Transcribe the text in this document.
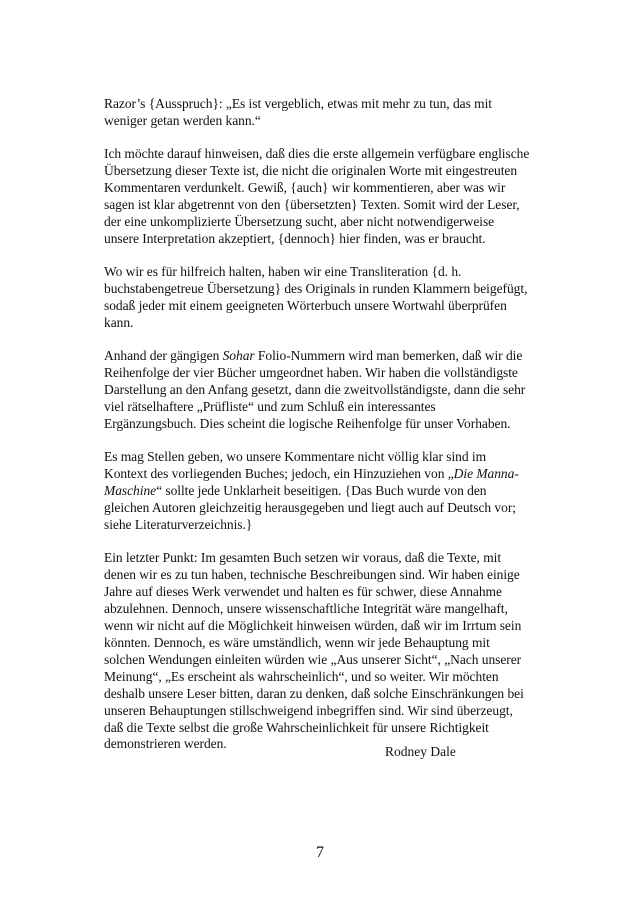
Razor’s {Ausspruch}: „Es ist vergeblich, etwas mit mehr zu tun, das mit
weniger getan werden kann.“

Ich möchte darauf hinweisen, daß dies die erste allgemein verfügbare englische
Übersetzung dieser Texte ist, die nicht die originalen Worte mit eingestreuten
Kommentaren verdunkelt. Gewiß, {auch} wir kommentieren, aber was wir
sagen ist klar abgetrennt von den {übersetzten} Texten. Somit wird der Leser,
der eine unkomplizierte Übersetzung sucht, aber nicht notwendigerweise
unsere Interpretation akzeptiert, {dennoch} hier finden, was er braucht.

Wo wir es für hilfreich halten, haben wir eine Transliteration {d. h.
buchstabengetreue Übersetzung} des Originals in runden Klammern beigefügt,
sodaß jeder mit einem geeigneten Wörterbuch unsere Wortwahl überprüfen
kann.

Anhand der gängigen Sohar Folio-Nummern wird man bemerken, daß wir die
Reihenfolge der vier Bücher umgeordnet haben. Wir haben die vollständigste
Darstellung an den Anfang gesetzt, dann die zweitvollständigste, dann die sehr
viel rätselhaftere „Prüfliste“ und zum Schluß ein interessantes
Ergänzungsbuch. Dies scheint die logische Reihenfolge für unser Vorhaben.

Es mag Stellen geben, wo unsere Kommentare nicht völlig klar sind im
Kontext des vorliegenden Buches; jedoch, ein Hinzuziehen von „Die Manna-
Maschine“ sollte jede Unklarheit beseitigen. {Das Buch wurde von den
gleichen Autoren gleichzeitig herausgegeben und liegt auch auf Deutsch vor;
siehe Literaturverzeichnis.}

Ein letzter Punkt: Im gesamten Buch setzen wir voraus, daß die Texte, mit
denen wir es zu tun haben, technische Beschreibungen sind. Wir haben einige
Jahre auf dieses Werk verwendet und halten es für schwer, diese Annahme
abzulehnen. Dennoch, unsere wissenschaftliche Integrität wäre mangelhaft,
wenn wir nicht auf die Möglichkeit hinweisen würden, daß wir im Irrtum sein
könnten. Dennoch, es wäre umständlich, wenn wir jede Behauptung mit
solchen Wendungen einleiten würden wie „Aus unserer Sicht“, „Nach unserer
Meinung“, „Es erscheint als wahrscheinlich“, und so weiter. Wir möchten
deshalb unsere Leser bitten, daran zu denken, daß solche Einschränkungen bei
unseren Behauptungen stillschweigend inbegriffen sind. Wir sind überzeugt,
daß die Texte selbst die große Wahrscheinlichkeit für unsere Richtigkeit
demonstrieren werden.

Rodney Dale
7
